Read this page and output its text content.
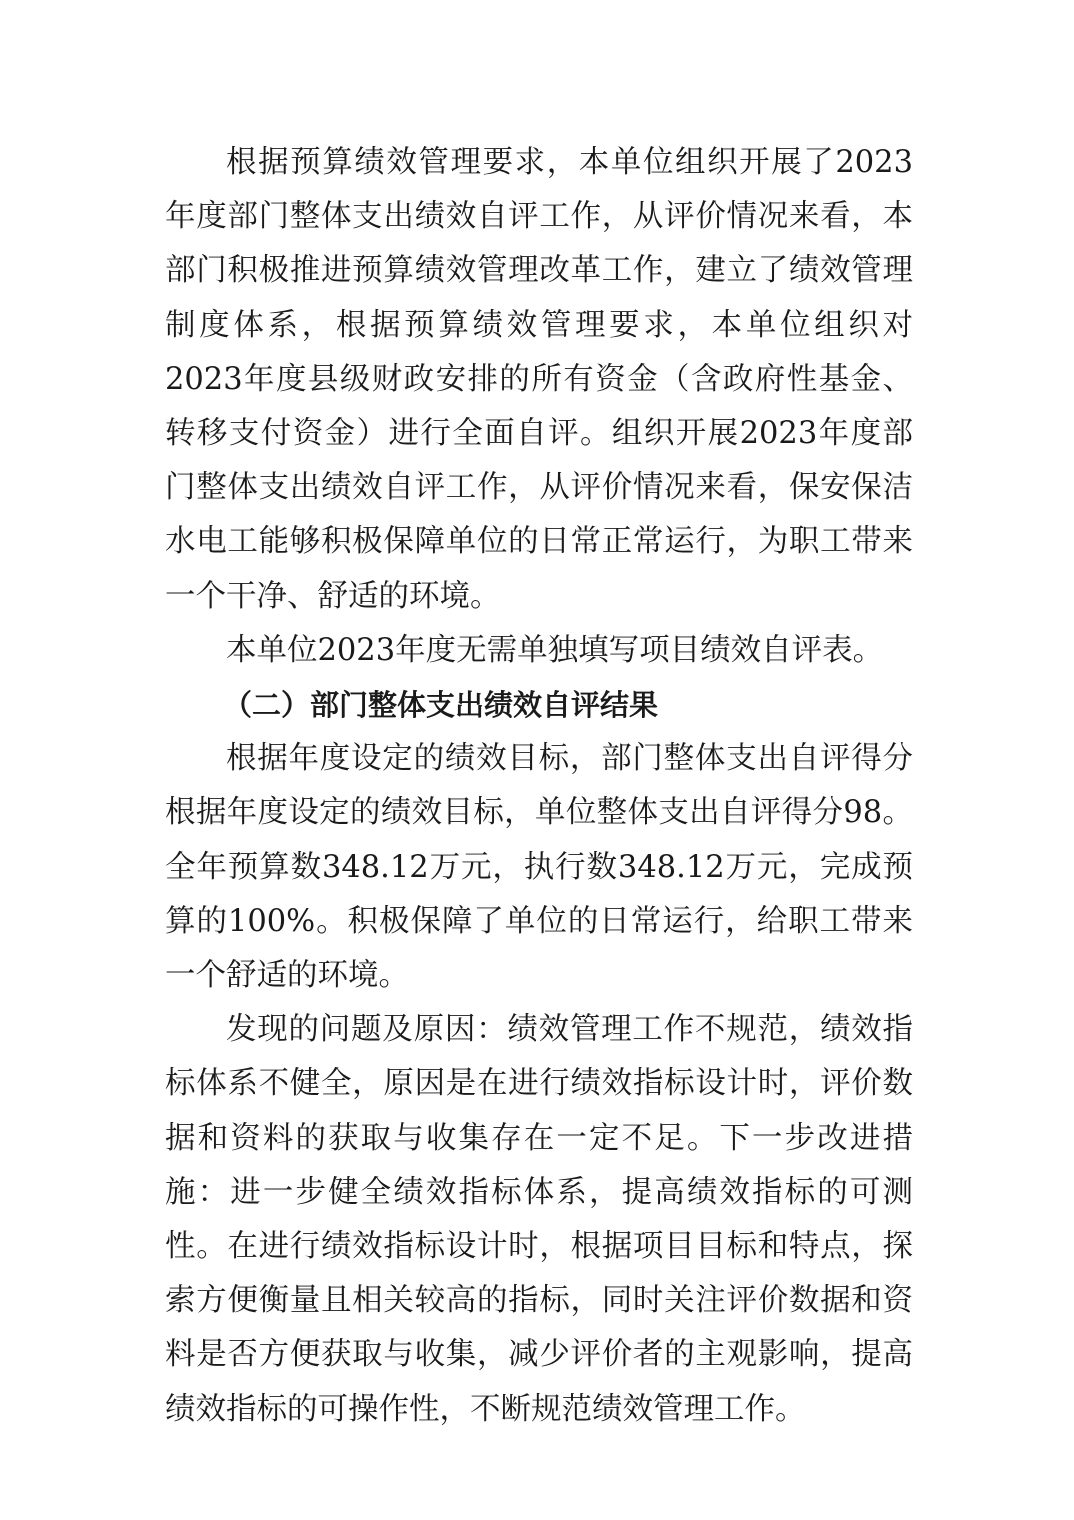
根据预算绩效管理要求，本单位组织开展了2023年度部门整体支出绩效自评工作，从评价情况来看，本部门积极推进预算绩效管理改革工作，建立了绩效管理制度体系，根据预算绩效管理要求，本单位组织对2023年度县级财政安排的所有资金（含政府性基金、转移支付资金）进行全面自评。组织开展2023年度部门整体支出绩效自评工作，从评价情况来看，保安保洁水电工能够积极保障单位的日常正常运行，为职工带来一个干净、舒适的环境。

本单位2023年度无需单独填写项目绩效自评表。

（二）部门整体支出绩效自评结果

根据年度设定的绩效目标，部门整体支出自评得分根据年度设定的绩效目标，单位整体支出自评得分98。全年预算数348.12万元，执行数348.12万元，完成预算的100%。积极保障了单位的日常运行，给职工带来一个舒适的环境。

发现的问题及原因：绩效管理工作不规范，绩效指标体系不健全，原因是在进行绩效指标设计时，评价数据和资料的获取与收集存在一定不足。下一步改进措施：进一步健全绩效指标体系，提高绩效指标的可测性。在进行绩效指标设计时，根据项目目标和特点，探索方便衡量且相关较高的指标，同时关注评价数据和资料是否方便获取与收集，减少评价者的主观影响，提高绩效指标的可操作性，不断规范绩效管理工作。
